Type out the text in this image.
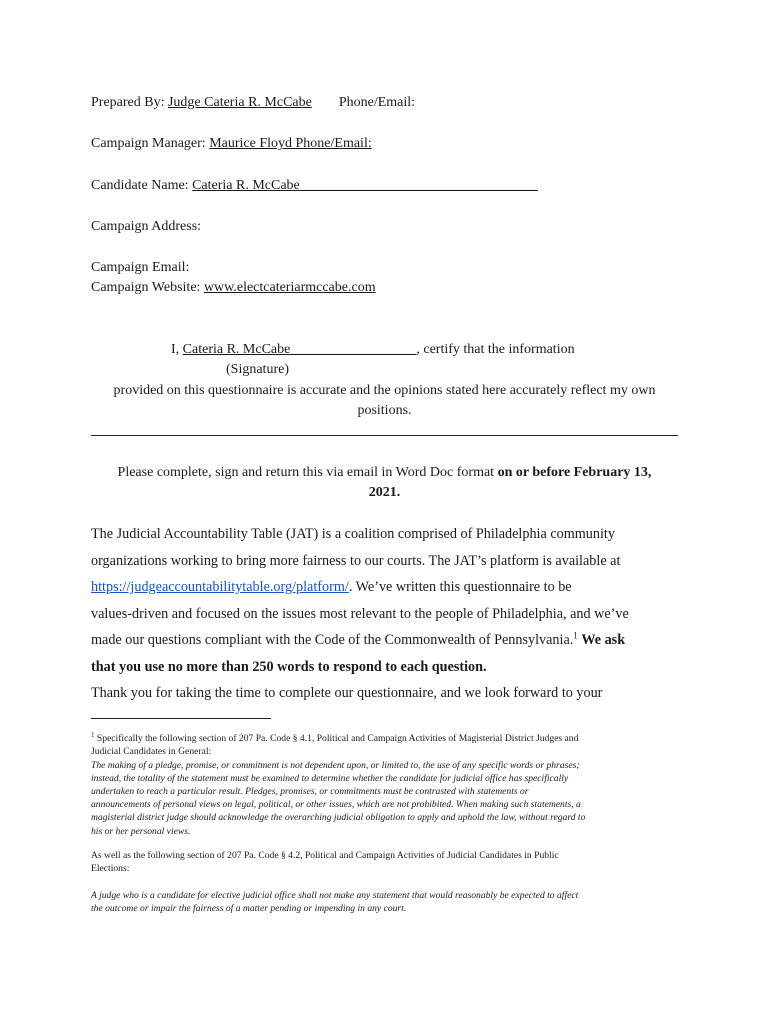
Prepared By: Judge Cateria R. McCabe Phone/Email:
Campaign Manager: Maurice Floyd Phone/Email:
Candidate Name: Cateria R. McCabe__________________________________
Campaign Address:
Campaign Email:
Campaign Website: www.electcateriarmccabe.com
I, Cateria R. McCabe__________________, certify that the information
(Signature)
provided on this questionnaire is accurate and the opinions stated here accurately reflect my own
positions.
Please complete, sign and return this via email in Word Doc format on or before February 13,
2021.
The Judicial Accountability Table (JAT) is a coalition comprised of Philadelphia community
organizations working to bring more fairness to our courts. The JAT’s platform is available at
https://judgeaccountabilitytable.org/platform/. We’ve written this questionnaire to be
values-driven and focused on the issues most relevant to the people of Philadelphia, and we’ve
made our questions compliant with the Code of the Commonwealth of Pennsylvania.$^1$ We ask
that you use no more than 250 words to respond to each question.
Thank you for taking the time to complete our questionnaire, and we look forward to your
$^1$ Specifically the following section of 207 Pa. Code § 4.1, Political and Campaign Activities of Magisterial District Judges and
Judicial Candidates in General:
The making of a pledge, promise, or commitment is not dependent upon, or limited to, the use of any specific words or phrases;
instead, the totality of the statement must be examined to determine whether the candidate for judicial office has specifically
undertaken to reach a particular result. Pledges, promises, or commitments must be contrasted with statements or
announcements of personal views on legal, political, or other issues, which are not prohibited. When making such statements, a
magisterial district judge should acknowledge the overarching judicial obligation to apply and uphold the law, without regard to
his or her personal views.
As well as the following section of 207 Pa. Code § 4.2, Political and Campaign Activities of Judicial Candidates in Public
Elections:
A judge who is a candidate for elective judicial office shall not make any statement that would reasonably be expected to affect
the outcome or impair the fairness of a matter pending or impending in any court.
